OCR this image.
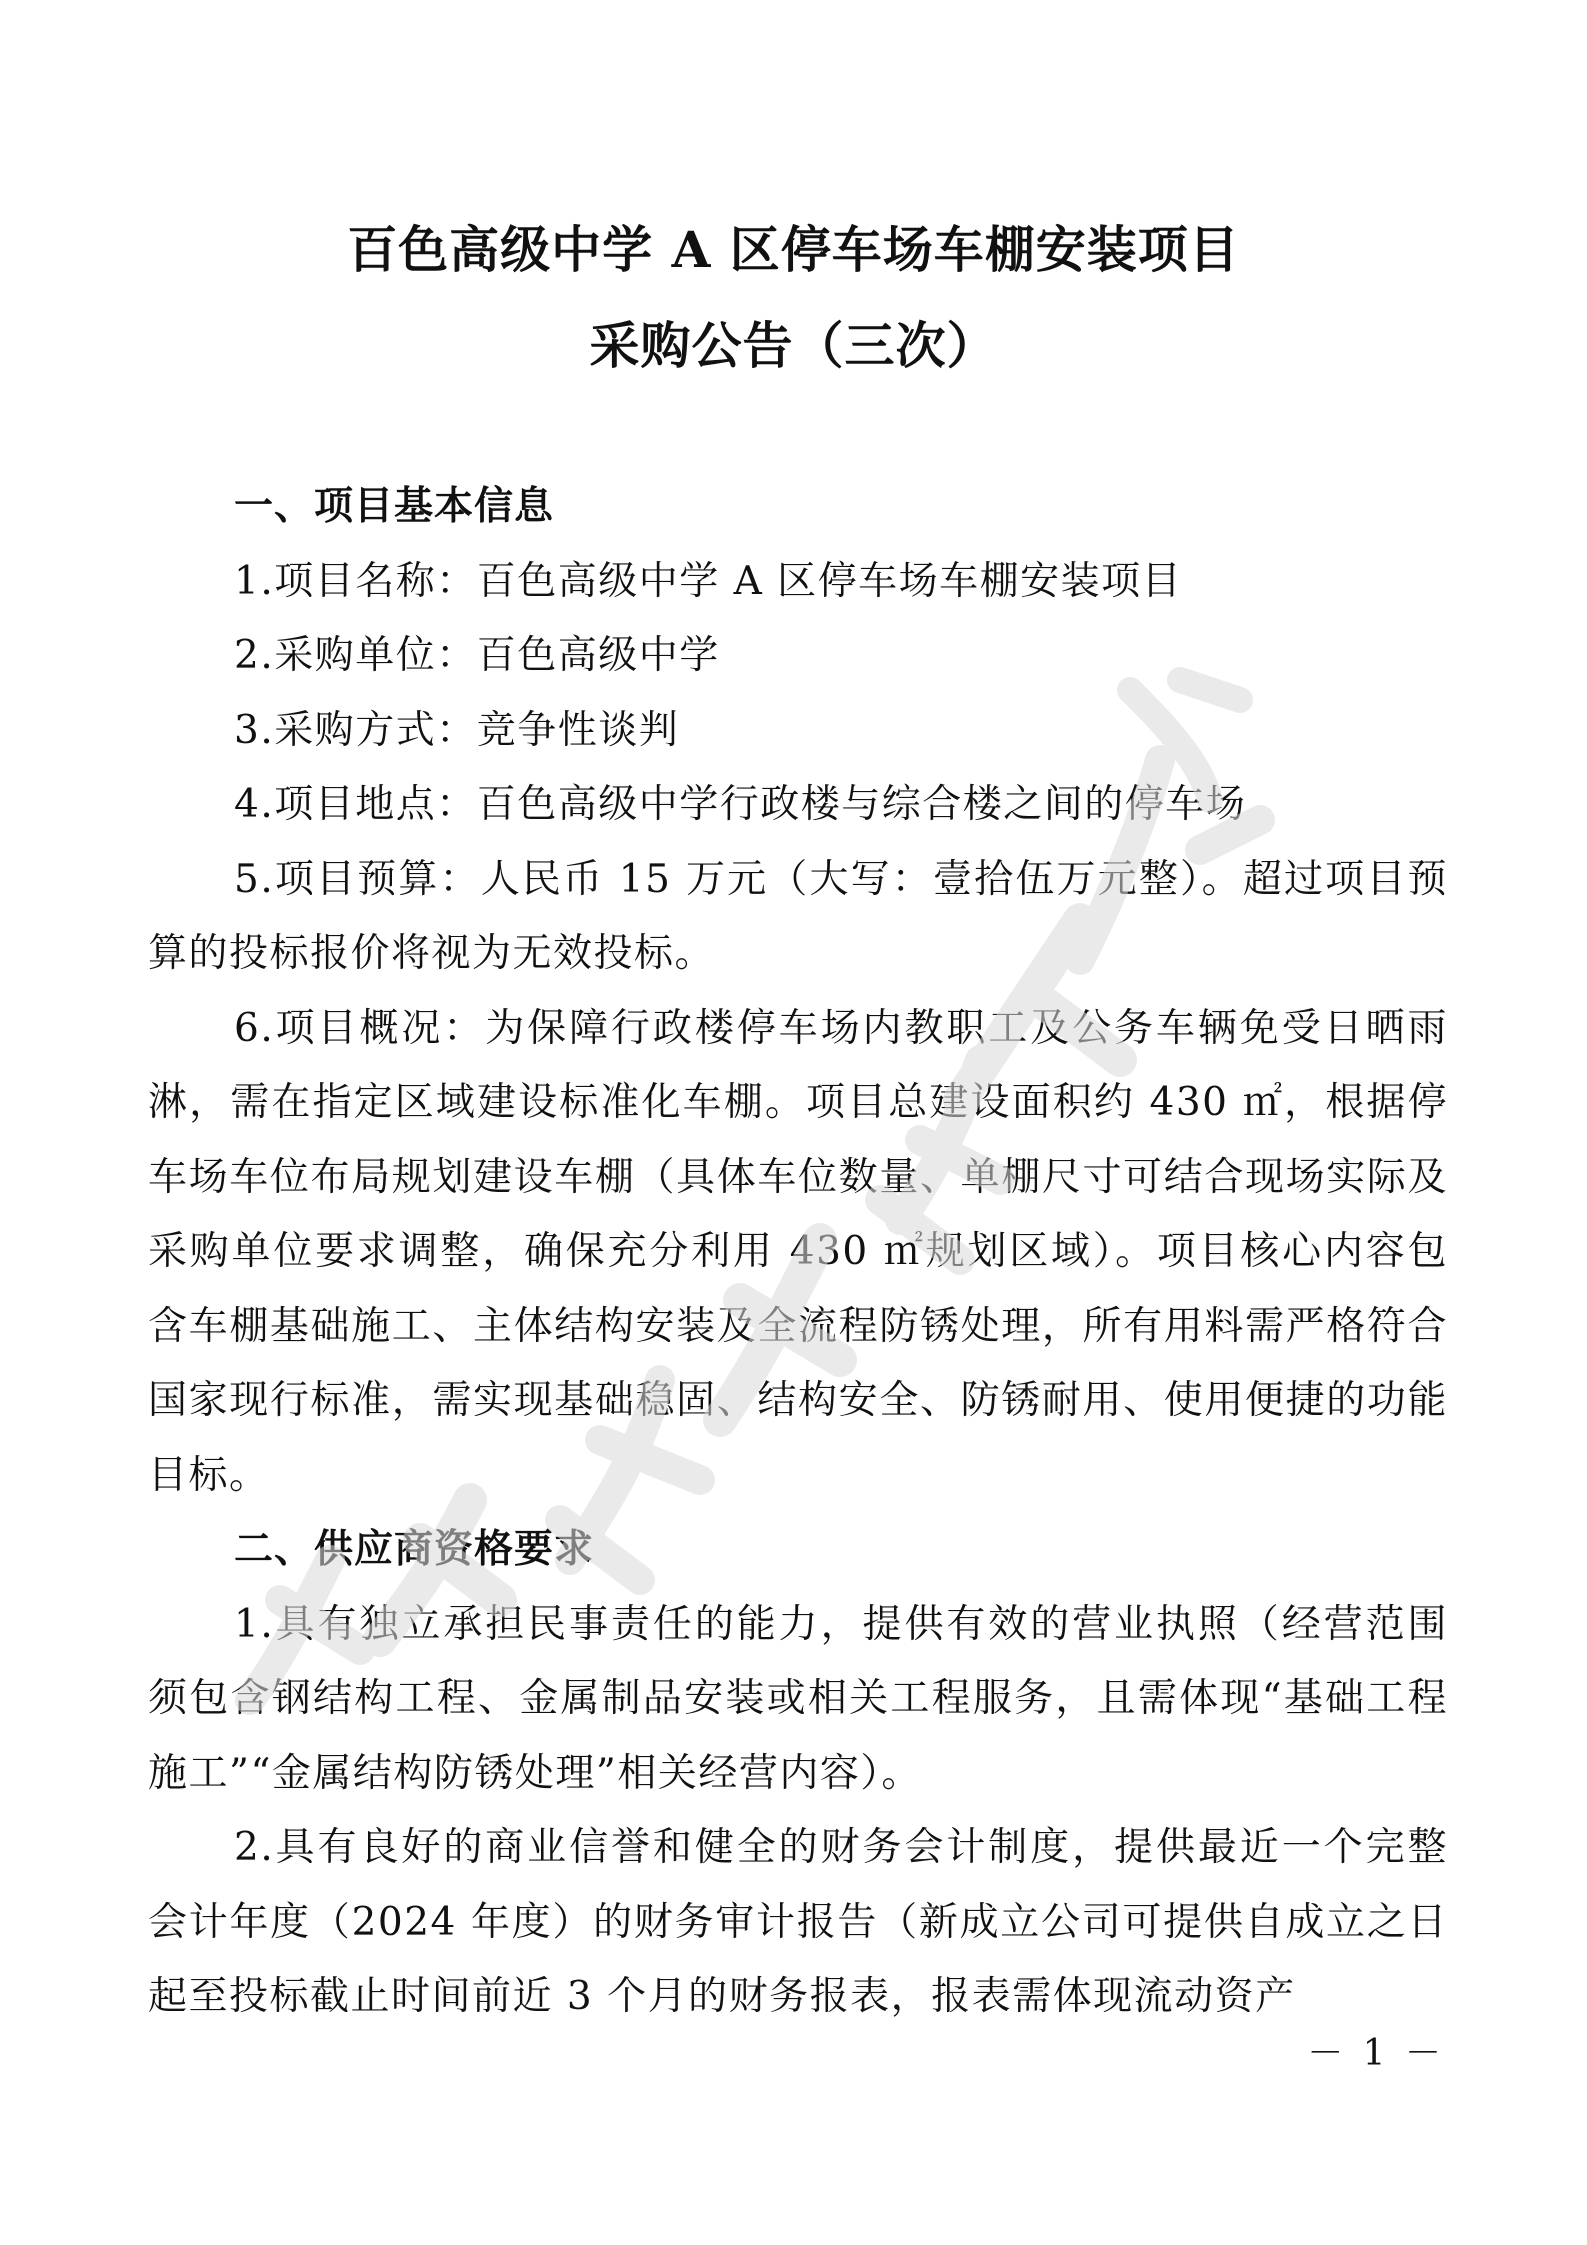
百色高级中学 A 区停车场车棚安装项目
采购公告（三次）

一、项目基本信息

1.项目名称：百色高级中学 A 区停车场车棚安装项目

2.采购单位：百色高级中学

3.采购方式：竞争性谈判

4.项目地点：百色高级中学行政楼与综合楼之间的停车场

5.项目预算：人民币 15 万元（大写：壹拾伍万元整）。超过项目预算的投标报价将视为无效投标。

6.项目概况：为保障行政楼停车场内教职工及公务车辆免受日晒雨淋，需在指定区域建设标准化车棚。项目总建设面积约 430 ㎡，根据停车场车位布局规划建设车棚（具体车位数量、单棚尺寸可结合现场实际及采购单位要求调整，确保充分利用 430 ㎡规划区域）。项目核心内容包含车棚基础施工、主体结构安装及全流程防锈处理，所有用料需严格符合国家现行标准，需实现基础稳固、结构安全、防锈耐用、使用便捷的功能目标。

二、供应商资格要求

1.具有独立承担民事责任的能力，提供有效的营业执照（经营范围须包含钢结构工程、金属制品安装或相关工程服务，且需体现“基础工程施工”“金属结构防锈处理”相关经营内容）。

2.具有良好的商业信誉和健全的财务会计制度，提供最近一个完整会计年度（2024 年度）的财务审计报告（新成立公司可提供自成立之日起至投标截止时间前近 3 个月的财务报表，报表需体现流动资产

－ 1 －
